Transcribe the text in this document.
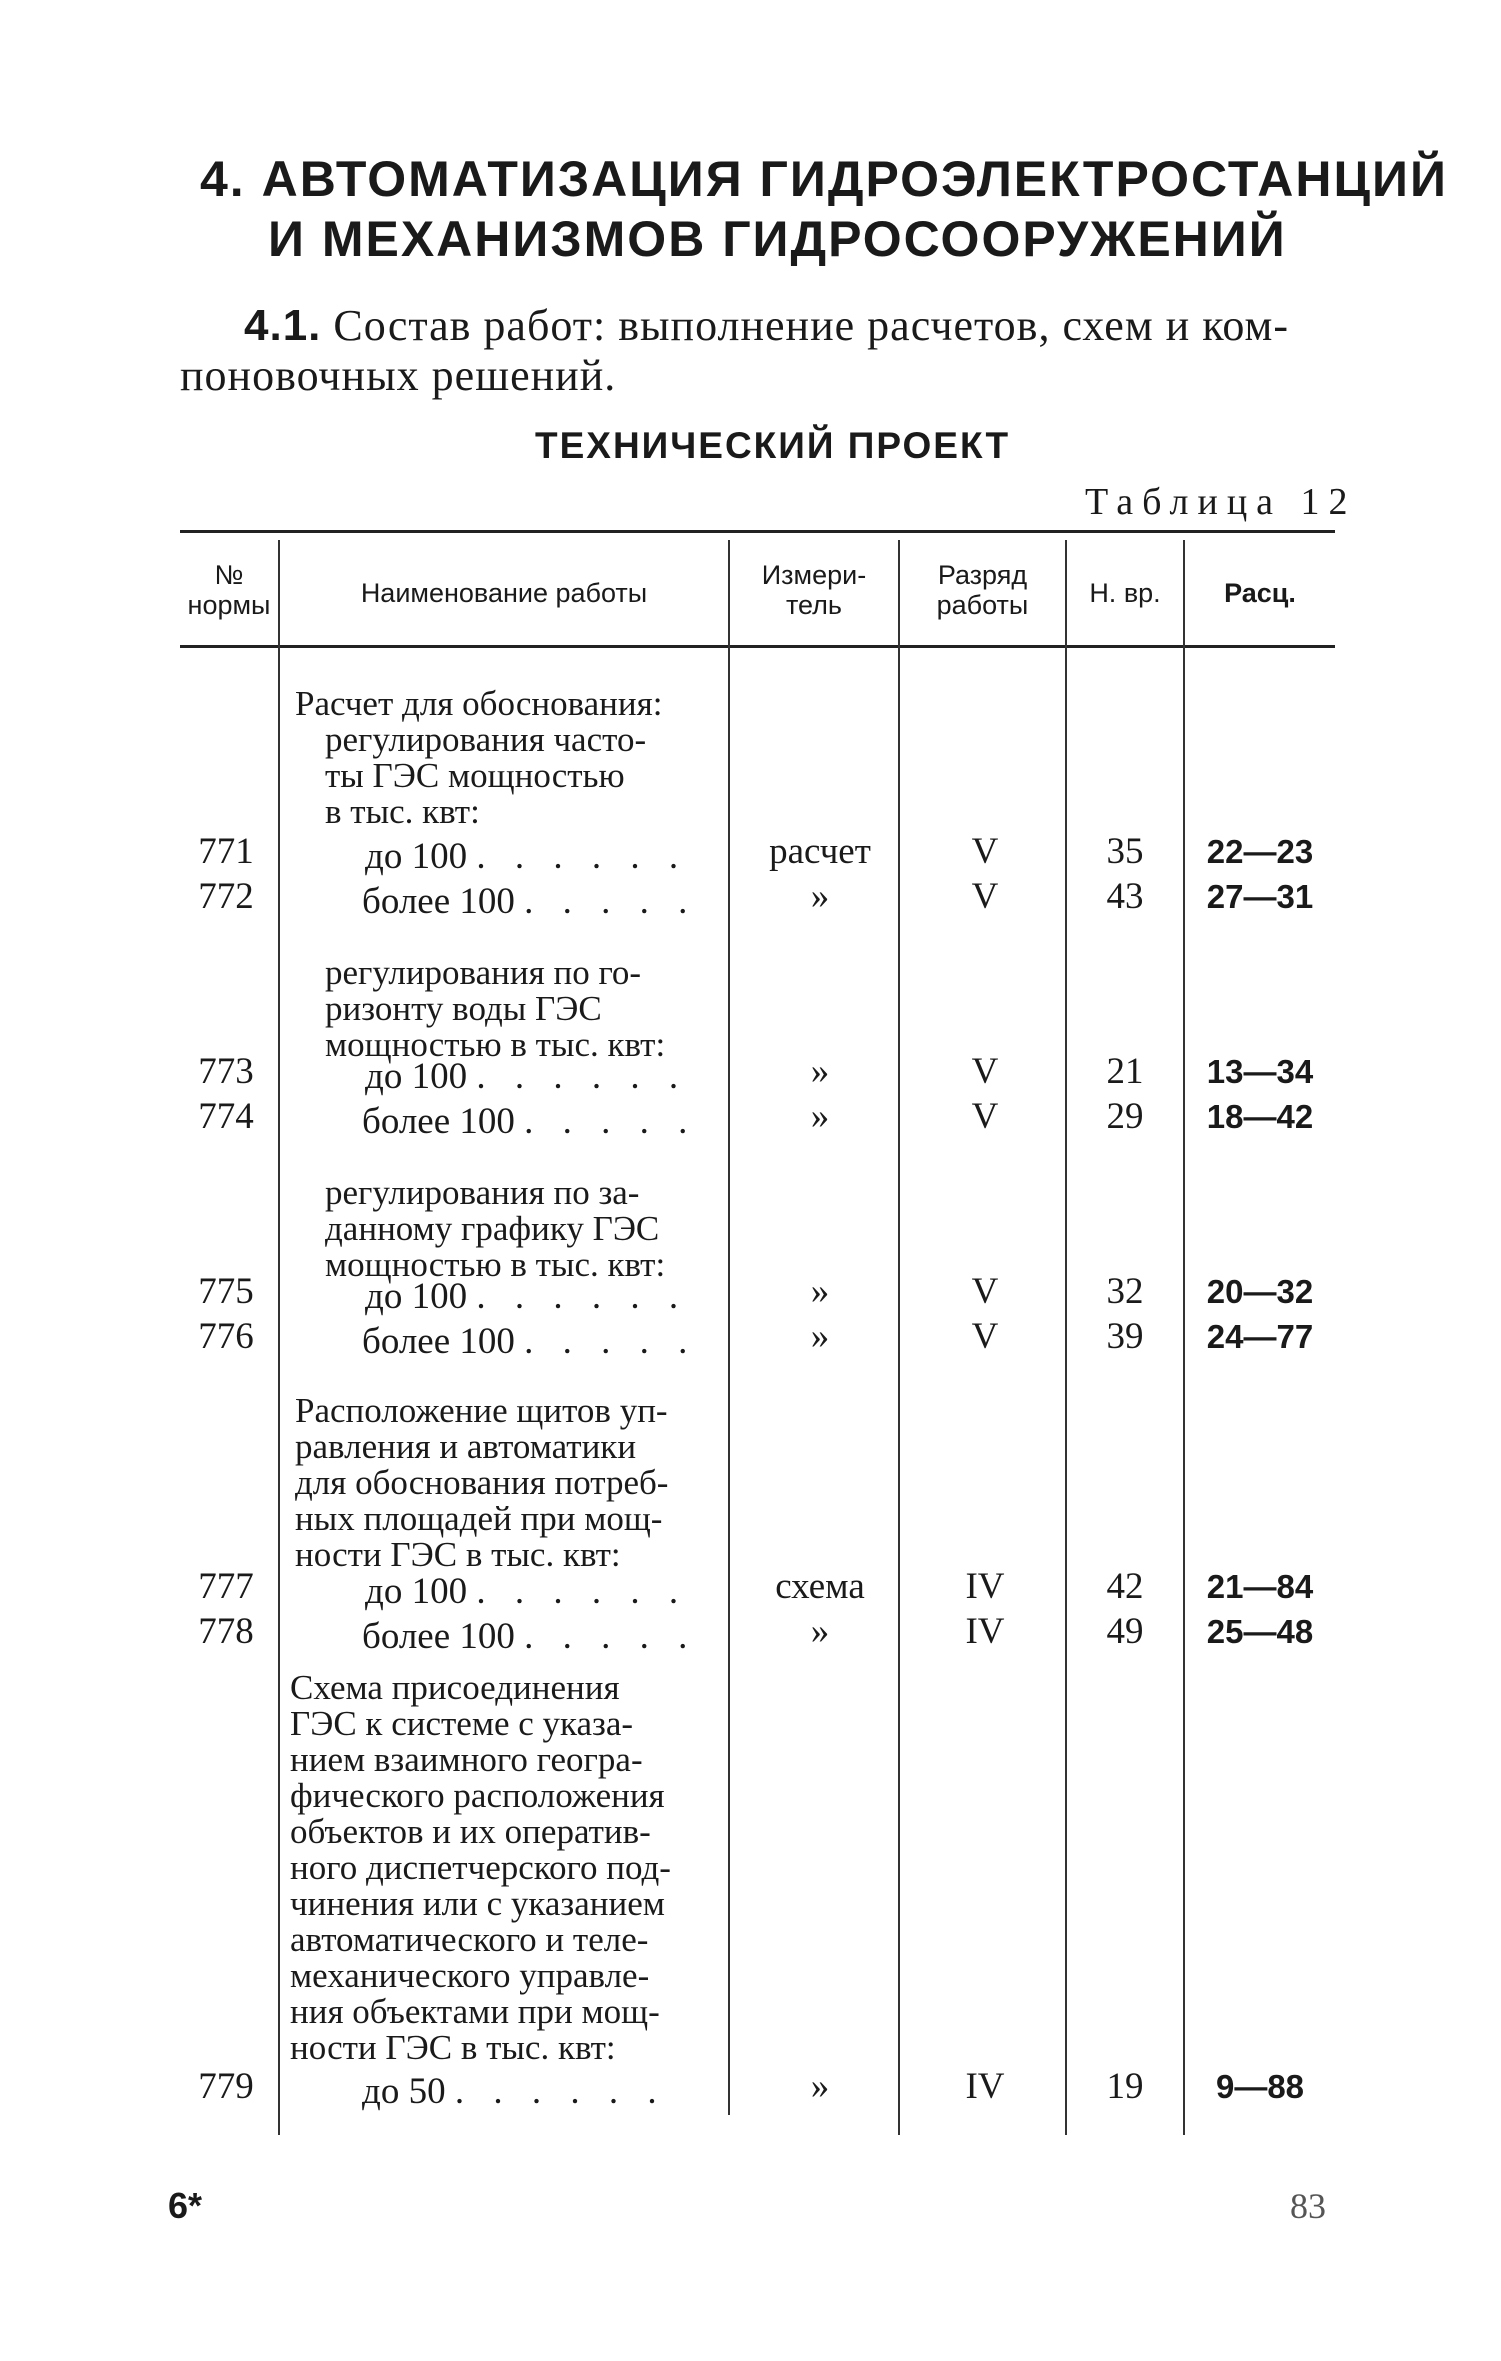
4. АВТОМАТИЗАЦИЯ ГИДРОЭЛЕКТРОСТАНЦИЙ
И МЕХАНИЗМОВ ГИДРОСООРУЖЕНИЙ
4.1. Состав работ: выполнение расчетов, схем и ком-
поновочных решений.
ТЕХНИЧЕСКИЙ ПРОЕКТ
Таблица 12
№
нормы	Наименование работы
Измери-
тель
Разряд
работы	Н. вр.	Расц.
Расчет для обоснования:
регулирования часто-
ты ГЭС мощностью
в тыс. квт:
771	до 100 . . . . . . расчет	V	35	22—23
772	более 100 . . . . .	»	V	43	27—31
регулирования по го-
ризонту воды ГЭС
мощностью в тыс. квт:
773	до 100 . . . . . .	»	V	21	13—34
774	более 100 . . . . .	»	V	29	18—42
регулирования по за-
данному графику ГЭС
мощностью в тыс. квт:
775	до 100 . . . . . .	»	V	32	20—32
776	более 100 . . . . .	»	V	39	24—77
Расположение щитов уп-
равления и автоматики
для обоснования потреб-
ных площадей при мощ-
ности ГЭС в тыс. квт:
777	до 100 . . . . . .	схема	IV	42	21—84
778	более 100 . . . . .	»	IV	49	25—48
Схема присоединения
ГЭС к системе с указа-
нием взаимного геогра-
фического расположения
объектов и их оператив-
ного диспетчерского под-
чинения или с указанием
автоматического и теле-
механического управле-
ния объектами при мощ-
ности ГЭС в тыс. квт:
779	до 50 . . . . . .	»	IV	19	9—88
6*	83
